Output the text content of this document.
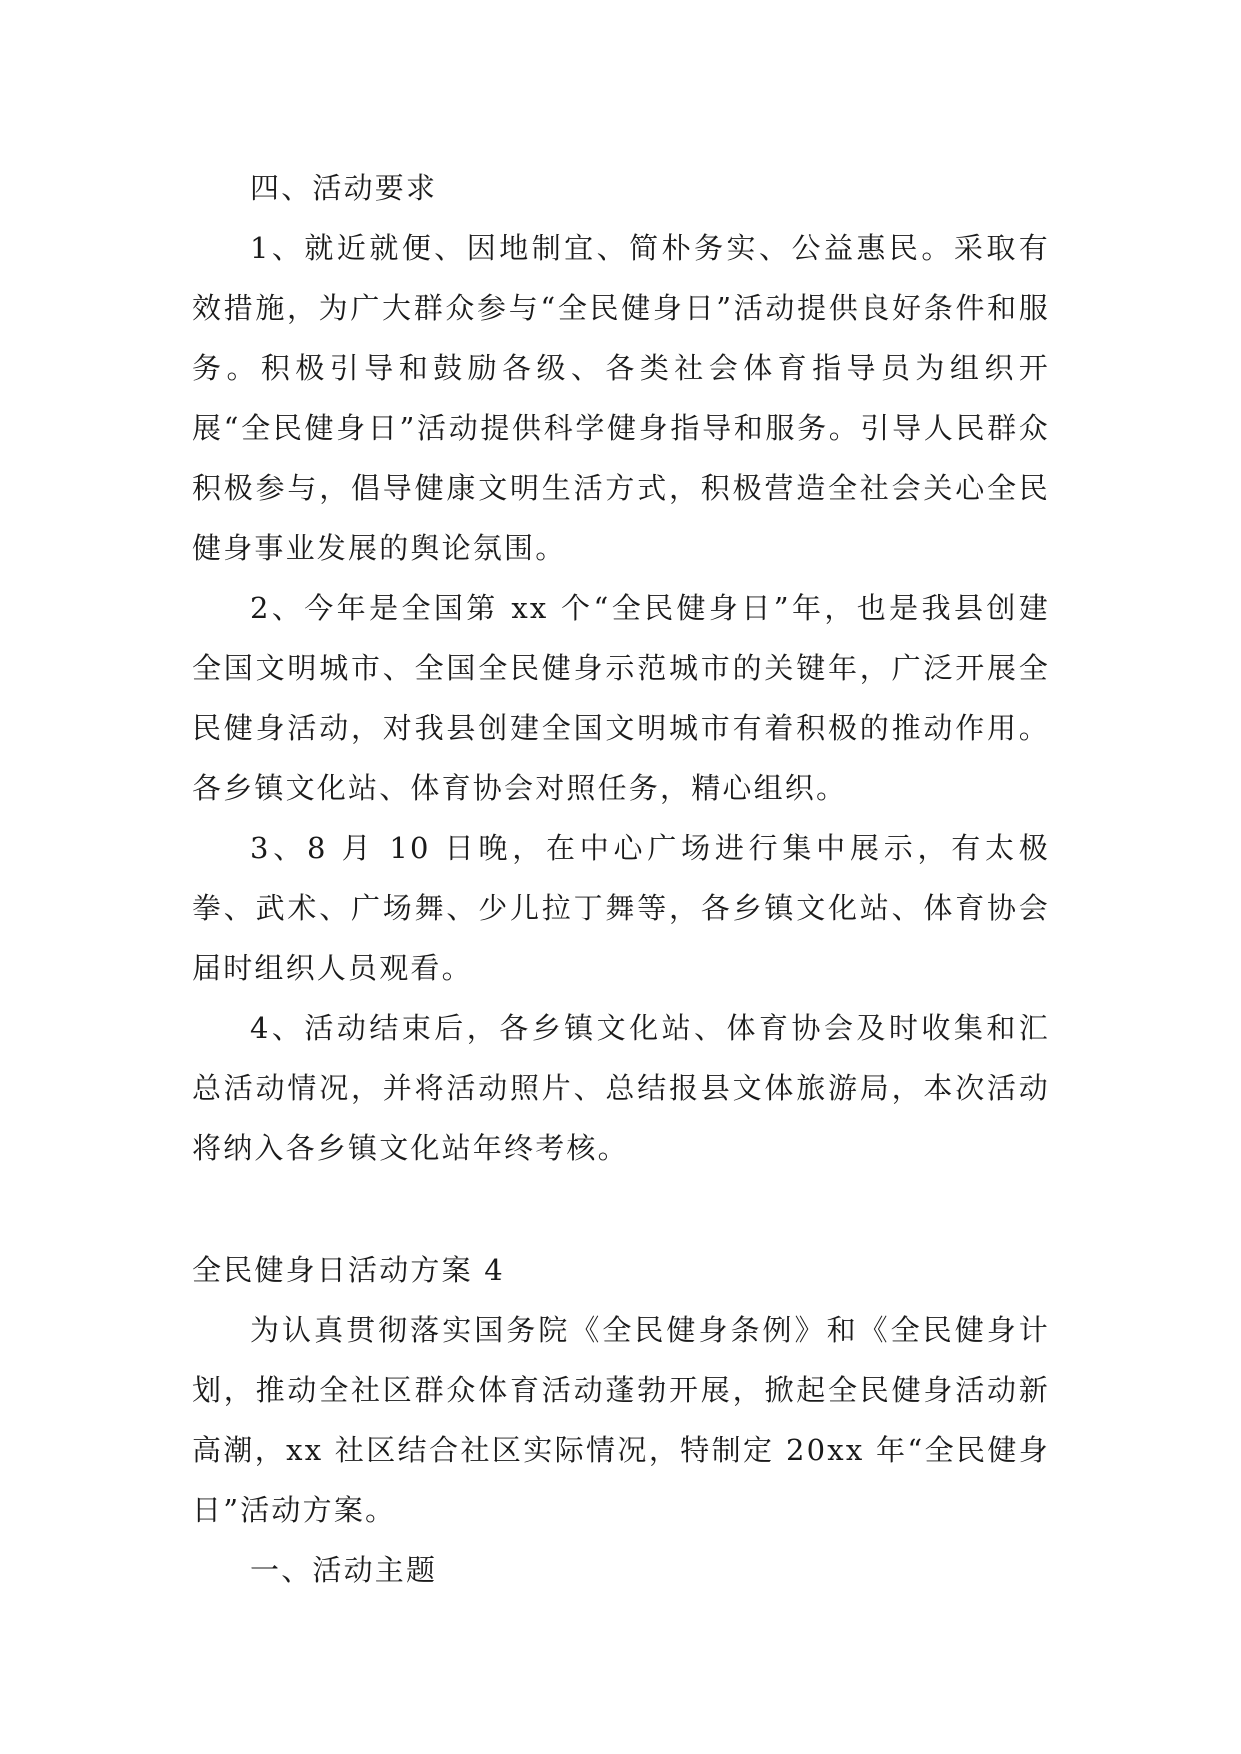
四、活动要求

1、就近就便、因地制宜、简朴务实、公益惠民。采取有效措施，为广大群众参与“全民健身日”活动提供良好条件和服务。积极引导和鼓励各级、各类社会体育指导员为组织开展“全民健身日”活动提供科学健身指导和服务。引导人民群众积极参与，倡导健康文明生活方式，积极营造全社会关心全民健身事业发展的舆论氛围。

2、今年是全国第 xx 个“全民健身日”年，也是我县创建全国文明城市、全国全民健身示范城市的关键年，广泛开展全民健身活动，对我县创建全国文明城市有着积极的推动作用。各乡镇文化站、体育协会对照任务，精心组织。

3、8 月 10 日晚，在中心广场进行集中展示，有太极拳、武术、广场舞、少儿拉丁舞等，各乡镇文化站、体育协会届时组织人员观看。

4、活动结束后，各乡镇文化站、体育协会及时收集和汇总活动情况，并将活动照片、总结报县文体旅游局，本次活动将纳入各乡镇文化站年终考核。

全民健身日活动方案 4

为认真贯彻落实国务院《全民健身条例》和《全民健身计划，推动全社区群众体育活动蓬勃开展，掀起全民健身活动新高潮，xx 社区结合社区实际情况，特制定 20xx 年“全民健身日”活动方案。

一、活动主题
